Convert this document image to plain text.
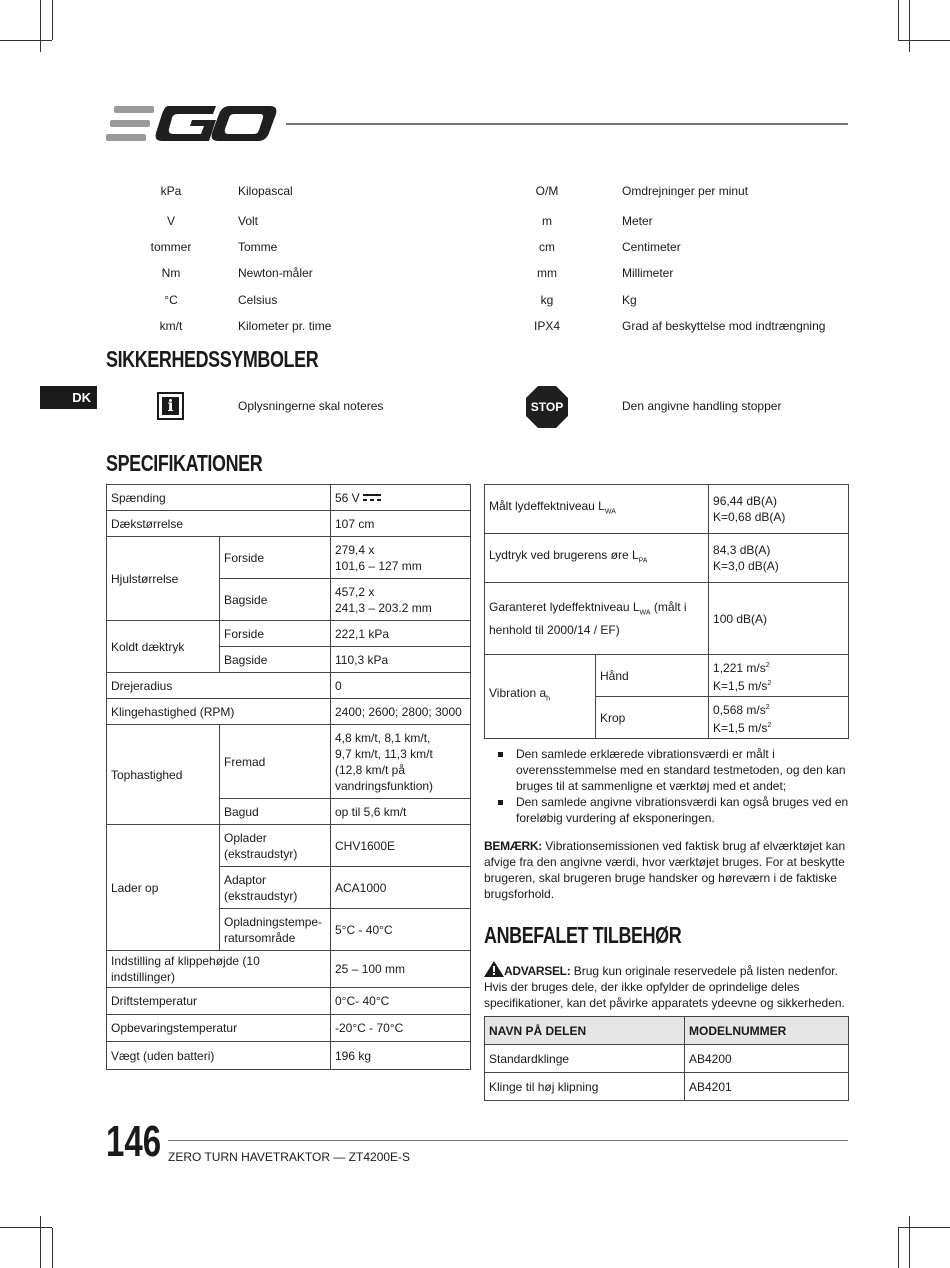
kPa	Kilopascal	O/M	Omdrejninger per minut
V	Volt	m	Meter
tommer	Tomme	cm	Centimeter
Nm	Newton-måler	mm	Millimeter
°C	Celsius	kg	Kg
km/t	Kilometer pr. time	IPX4	Grad af beskyttelse mod indtrængning
SIKKERHEDSSYMBOLER
DK	i	Oplysningerne skal noteres	STOP	Den angivne handling stopper
SPECIFIKATIONER
Spænding		56 V
Dækstørrelse		107 cm
Hjulstørrelse	Forside	279,4 x
101,6 – 127 mm

	Bagside	457,2 x
241,3 – 203.2 mm

Koldt dæktryk	Forside	222,1 kPa
	Bagside	110,3 kPa
Drejeradius		0
Klingehastighed (RPM)		2400; 2600; 2800; 3000
Tophastighed	Fremad	4,8 km/t, 8,1 km/t,
9,7 km/t, 11,3 km/t
(12,8 km/t på
vandringsfunktion)

	Bagud	op til 5,6 km/t
Lader op	Oplader
(ekstraudstyr)	CHV1600E

	Adaptor
(ekstraudstyr)	ACA1000

	Opladningstempe-
ratursområde	5°C - 40°C
Indstilling af klippehøjde (10 indstillinger)		25 – 100 mm
Driftstemperatur		0°C- 40°C
Opbevaringstemperatur		-20°C - 70°C
Vægt (uden batteri)		196 kg
Målt lydeffektniveau $L_{WA}$		96,44 dB(A)
K=0,68 dB(A)

Lydtryk ved brugerens øre $L_{PA}$		84,3 dB(A)
K=3,0 dB(A)

Garanteret lydeffektniveau $L_{WA}$ (målt i
henhold til 2000/14 / EF)		100 dB(A)
Vibration $a_h$	Hånd	1,221 $m/s^2$
K=1,5 $m/s^2$

	Krop	0,568 $m/s^2$
K=1,5 $m/s^2$
Den samlede erklærede vibrationsværdi er målt i overensstemmelse med en standard testmetoden, og den kan bruges til at sammenligne et værktøj med et andet;
Den samlede angivne vibrationsværdi kan også bruges ved en foreløbig vurdering af eksponeringen.
BEMÆRK: Vibrationsemissionen ved faktisk brug af elværktøjet kan afvige fra den angivne værdi, hvor værktøjet bruges. For at beskytte brugeren, skal brugeren bruge handsker og høreværn i de faktiske brugsforhold.
ANBEFALET TILBEHØR
ADVARSEL: Brug kun originale reservedele på listen nedenfor. Hvis der bruges dele, der ikke opfylder de oprindelige deles specifikationer, kan det påvirke apparatets ydeevne og sikkerheden.
NAVN PÅ DELEN	MODELNUMMER
Standardklinge	AB4200
Klinge til høj klipning	AB4201
146 ZERO TURN HAVETRAKTOR — ZT4200E-S
